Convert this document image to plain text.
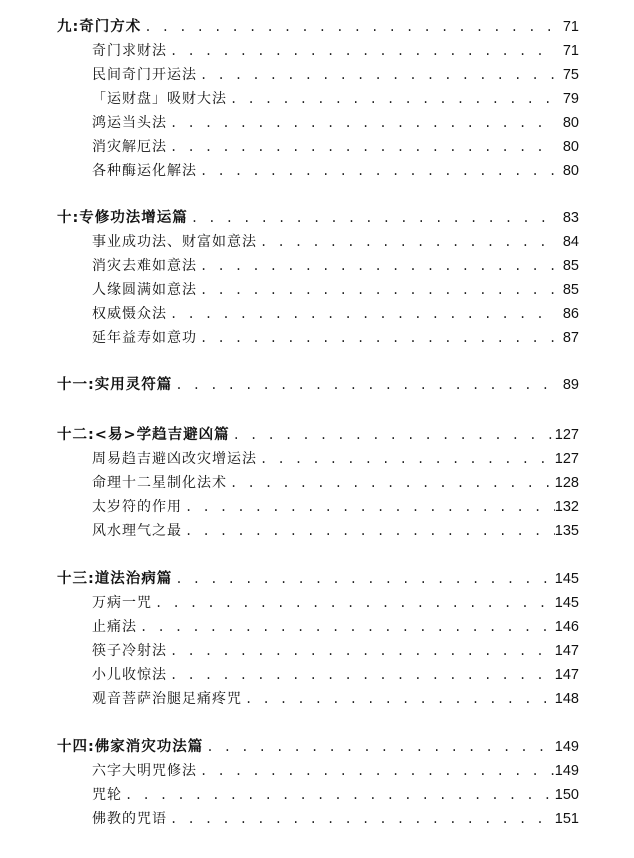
九:奇门方术 . . .	71
奇门求财法 . . .	71
民间奇门开运法 . . .	75
「运财盘」吸财大法 . . .	79
鸿运当头法 . . .	80
消灾解厄法 . . .	80
各种酶运化解法 . . .	80
十:专修功法增运篇 . . .	83
事业成功法、财富如意法 . . .	84
消灾去难如意法 . . .	85
人缘圆满如意法 . . .	85
权威慑众法 . . .	86
延年益寿如意功 . . .	87
十一:实用灵符篇 . . .	89
十二:<易>学趋吉避凶篇 . . .	127
周易趋吉避凶改灾增运法 . . .	127
命理十二星制化法术 . . .	128
太岁符的作用 . . .	132
风水理气之最 . . .	135
十三:道法治病篇 . . .	145
万病一咒 . . .	145
止痛法 . . .	146
筷子冷射法 . . .	147
小儿收惊法 . . .	147
观音菩萨治腿足痛疼咒 . . .	148
十四:佛家消灾功法篇 . . .	149
六字大明咒修法 . . .	149
咒轮 . . .	150
佛教的咒语 . . .	151
